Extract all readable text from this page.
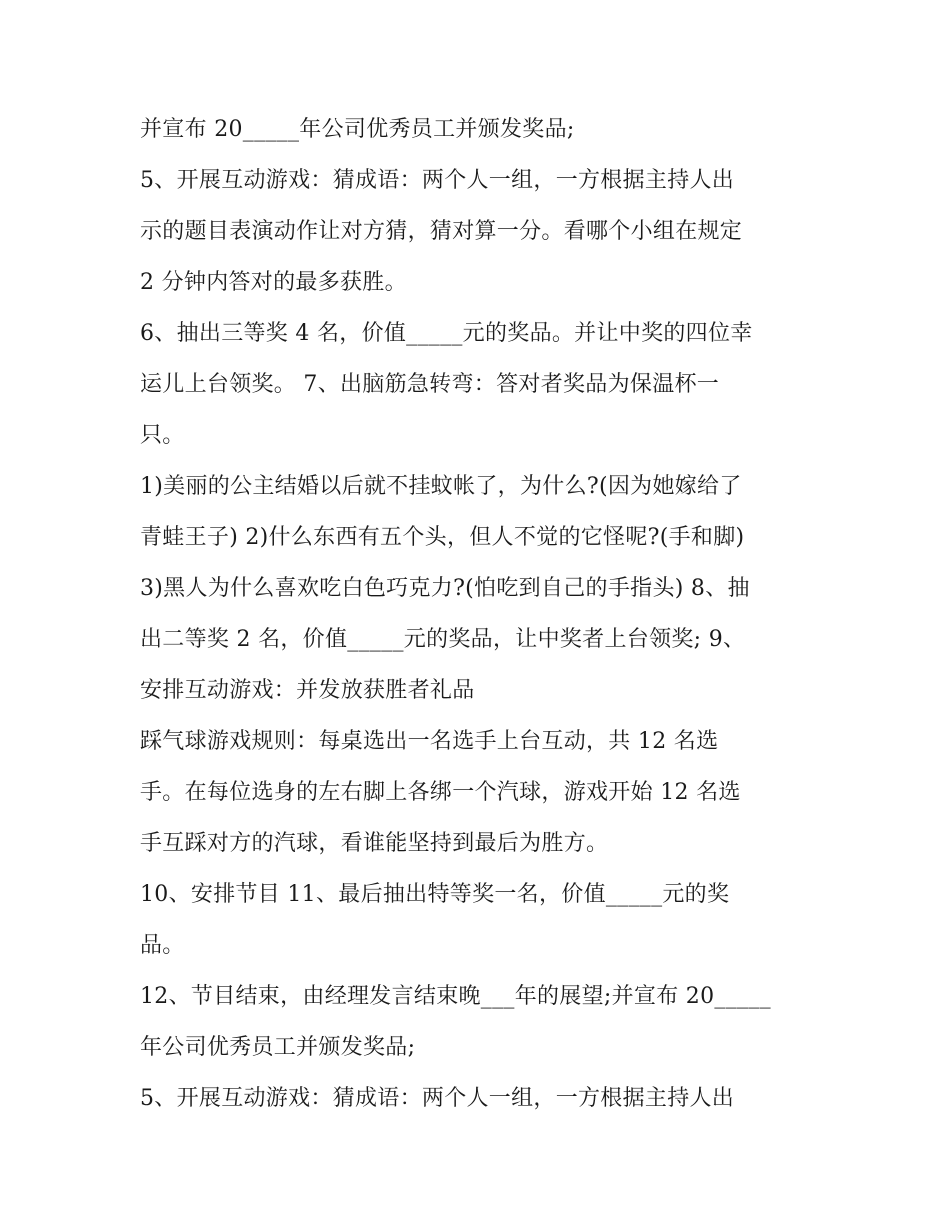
并宣布 20_____年公司优秀员工并颁发奖品;
5、开展互动游戏：猜成语：两个人一组，一方根据主持人出
示的题目表演动作让对方猜，猜对算一分。看哪个小组在规定
2 分钟内答对的最多获胜。
6、抽出三等奖 4 名，价值_____元的奖品。并让中奖的四位幸
运儿上台领奖。 7、出脑筋急转弯：答对者奖品为保温杯一
只。
1)美丽的公主结婚以后就不挂蚊帐了，为什么?(因为她嫁给了
青蛙王子) 2)什么东西有五个头，但人不觉的它怪呢?(手和脚)
3)黑人为什么喜欢吃白色巧克力?(怕吃到自己的手指头) 8、抽
出二等奖 2 名，价值_____元的奖品，让中奖者上台领奖; 9、
安排互动游戏：并发放获胜者礼品
踩气球游戏规则：每桌选出一名选手上台互动，共 12 名选
手。在每位选身的左右脚上各绑一个汽球，游戏开始 12 名选
手互踩对方的汽球，看谁能坚持到最后为胜方。
10、安排节目 11、最后抽出特等奖一名，价值_____元的奖
品。
12、节目结束，由经理发言结束晚___年的展望;并宣布 20_____
年公司优秀员工并颁发奖品;
5、开展互动游戏：猜成语：两个人一组，一方根据主持人出
